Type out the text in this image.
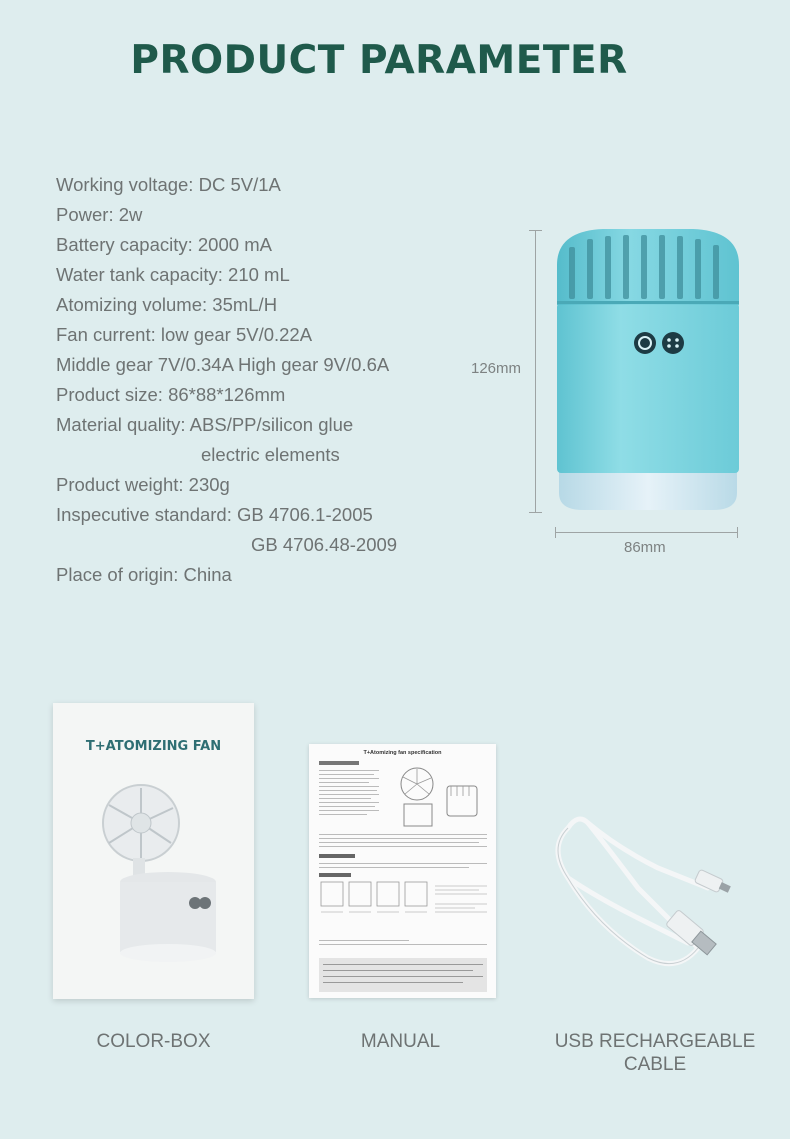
PRODUCT PARAMETER
Working voltage: DC 5V/1A
Power: 2w
Battery capacity: 2000 mA
Water tank capacity: 210 mL
Atomizing volume: 35mL/H
Fan current: low gear 5V/0.22A
Middle gear 7V/0.34A High gear 9V/0.6A
Product size: 86*88*126mm
Material quality: ABS/PP/silicon glue
electric elements
Product weight: 230g
Inspecutive standard: GB 4706.1-2005
GB 4706.48-2009
Place of origin: China
126mm
86mm
T+ATOMIZING FAN	T+Atomizing fan specification
COLOR-BOX	MANUAL	USB RECHARGEABLE
CABLE
